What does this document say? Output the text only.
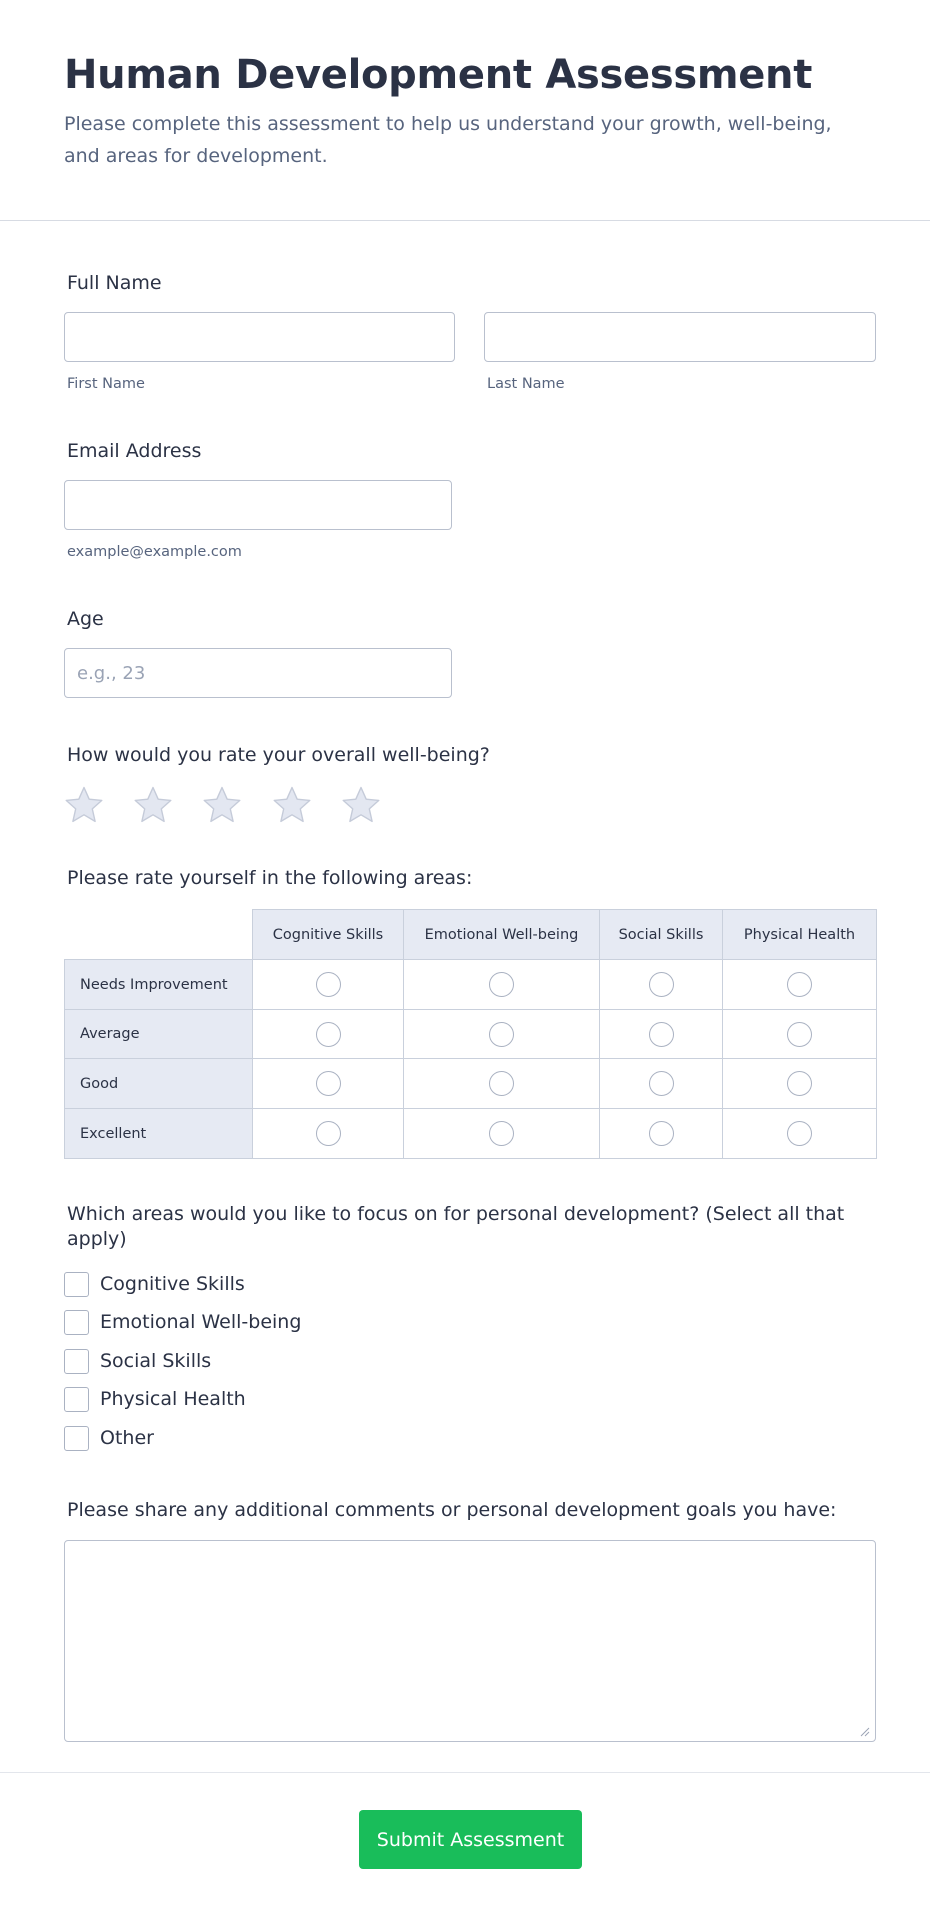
Human Development Assessment
Please complete this assessment to help us understand your growth, well-being, and areas for development.
Full Name
First Name	Last Name
Email Address
example@example.com
Age
e.g., 23
How would you rate your overall well-being?
Please rate yourself in the following areas:
Cognitive Skills	Emotional Well-being	Social Skills	Physical Health
Needs Improvement
Average
Good
Excellent
Which areas would you like to focus on for personal development? (Select all that apply)
Cognitive Skills
Emotional Well-being
Social Skills
Physical Health
Other
Please share any additional comments or personal development goals you have:
Submit Assessment
